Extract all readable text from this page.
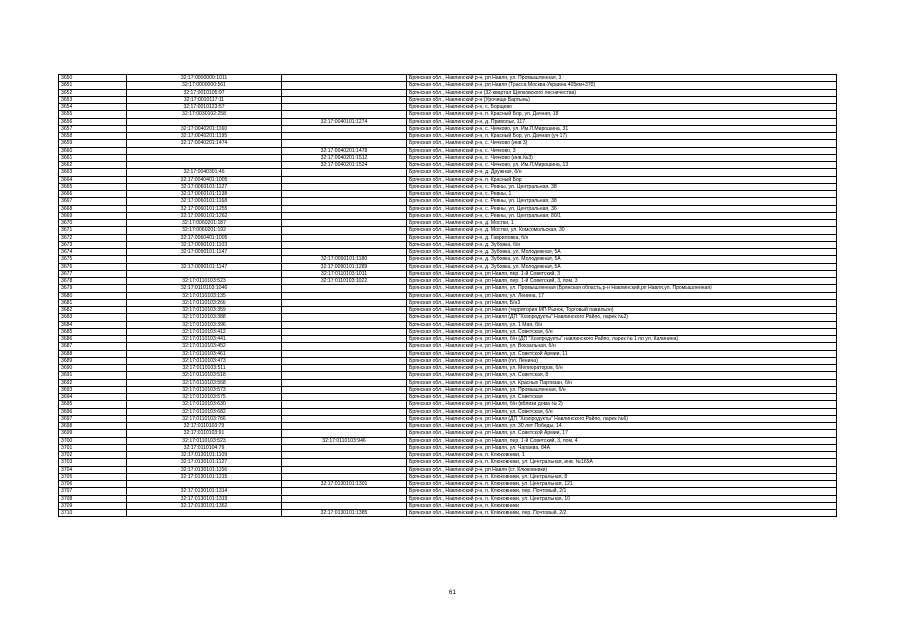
3650	32:17:0000000:1011		Брянская обл., Навлинский р-н, рп Навля, ул. Промышленная, 3
3651	32:17:0000000:561		Брянская обл., Навлинский р-н, рп Навля (Трасса Москва-Украина 405км+370)
3652	32:17:0010105:97		Брянская обл., Навлинский р-н (32-квартал Щепковского лесничества)
3653	32:17:0010117:11		Брянская обл., Навлинский р-н (Урочище Бартынь)
3654	32:17:0010123:57		Брянская обл., Навлинский р-н, с. Борщево
3655	32:17:0030102:258		Брянская обл., Навлинский р-н, п. Красный Бор, ул. Дачная, 18
3656		32:17:0040101:1274	Брянская обл., Навлинский р-н, д. Приволье, 117
3657	32:17:0040201:1160		Брянская обл., Навлинский р-н, с. Чичково, ул. Им.Л.Мирошина, 31
3658	32:17:0040201:1195		Брянская обл., Навлинский р-н, п. Красный Бор, ул. Дачная (уч 17)
3659	32:17:0040201:1474		Брянская обл., Навлинский р-н, с. Чичково (инв 3)
3660		32:17:0040201:1478	Брянская обл., Навлинский р-н, с. Чичково, 3
3661		32:17:0040201:1512	Брянская обл., Навлинский р-н, с. Чичково (инв.№3)
3662		32:17:0040201:1524	Брянская обл., Навлинский р-н, с. Чичково, ул. Им.Л.Мирошина, 13
3663	32:17:0040301:46		Брянская обл., Навлинский р-н, д. Дружная, б/н
3664	32:17:0040401:1005		Брянская обл., Навлинский р-н, п. Красный Бор
3665	32:17:0060101:1127		Брянская обл., Навлинский р-н, с. Ревны, ул. Центральная, 38
3666	32:17:0060101:1138		Брянская обл., Навлинский р-н, с. Ревны, 1
3667	32:17:0060101:1168		Брянская обл., Навлинский р-н, с. Ревны, ул. Центральная, 38
3668	32:17:0060101:1255		Брянская обл., Навлинский р-н, с. Ревны, ул. Центральная, 36
3669	32:17:0060101:1262		Брянская обл., Навлинский р-н, с. Ревны, ул. Центральная, 80/1
3670	32:17:0060201:187		Брянская обл., Навлинский р-н, д. Мостки, 1
3671	32:17:0060201:192		Брянская обл., Навлинский р-н, д. Мостки, ул. Комсомольская, 30
3672	32:17:0060401:1005		Брянская обл., Навлинский р-н, д. Гавриловка, б/н
3673	32:17:0090101:1103		Брянская обл., Навлинский р-н, д. Зубовка, б/н
3674	32:17:0090101:1147		Брянская обл., Навлинский р-н, д. Зубовка, ул. Молодежная, 5А
3675		32:17:0090101:1180	Брянская обл., Навлинский р-н, д. Зубовка, ул. Молодежная, 5А
3676	32:17:0090101:1147	32:17:0090101:1289	Брянская обл., Навлинский р-н, д. Зубовка, ул. Молодежная, 5А
3677		32:17:0110103:1011	Брянская обл., Навлинский р-н, рп Навля, пер. 1-й Советский, 3
3678	32:17:0110103:523	32:17:0110103:1022	Брянская обл., Навлинский р-н, рп Навля, пер. 1-й Советский, 3, пом. 3
3679	32:17:0110103:1046		Брянская обл., Навлинский р-н, рп Навля, ул. Промышленная (Брянская область,р-н Навлинский,рп Навля,ул. Промышленная)
3680	32:17:0110103:135		Брянская обл., Навлинский р-н, рп Навля, ул. Ленина, 17
3681	32:17:0110103:266		Брянская обл., Навлинский р-н, рп Навля, Б/н3
3682	32:17:0110103:359		Брянская обл., Навлинский р-н, рп Навля (территория МП Рынок, Торговый павильон)
3683	32:17:0110103:388		Брянская обл., Навлинский р-н, рп Навля (ДП "Хозпродукты" Навлинского Райпо, ларек №2)
3684	32:17:0110103:396		Брянская обл., Навлинский р-н, рп Навля, ул. 1 Мая, б/н
3685	32:17:0110103:412		Брянская обл., Навлинский р-н, рп Навля, ул. Советская, б/н
3686	32:17:0110103:441		Брянская обл., Навлинский р-н, рп Навля, б/н (ДП "Хозпродукты" навлинского Райпо, ларек № 1 по ул. Калинина)
3687	32:17:0110103:452		Брянская обл., Навлинский р-н, рп Навля, ул. Вокзальная, б/н
3688	32:17:0110103:461		Брянская обл., Навлинский р-н, рп Навля, ул. Советской Армии, 11
3689	32:17:0110103:473		Брянская обл., Навлинский р-н, рп Навля (пл. Ленина)
3690	32:17:0110103:511		Брянская обл., Навлинский р-н, рп Навля, ул. Мелиораторов, б/н
3691	32:17:0110103:518		Брянская обл., Навлинский р-н, рп Навля, ул. Советская, 8
3692	32:17:0110103:568		Брянская обл., Навлинский р-н, рп Навля, ул. Красных Партизан, б/н
3693	32:17:0110103:573		Брянская обл., Навлинский р-н, рп Навля, ул. Промышленная, б/н
3694	32:17:0110103:575		Брянская обл., Навлинский р-н, рп Навля, ул. Советская
3695	32:17:0110103:630		Брянская обл., Навлинский р-н, рп Навля, б/н (вблизи дома № 2)
3696	32:17:0110103:682		Брянская обл., Навлинский р-н, рп Навля, ул. Советская, б/н
3697	32:17:0110103:766		Брянская обл., Навлинский р-н, рп Навля (ДП "Хозпродукты" Навлинского Райпо, ларек №6)
3698	32:17:0110103:79		Брянская обл., Навлинский р-н, рп Навля, ул. 30 лет Победы, 14
3699	32:17:0110103:91		Брянская обл., Навлинский р-н, рп Навля, ул. Советской Армии, 17
3700	32:17:0110103:523	32:17:0110103:946	Брянская обл., Навлинский р-н, рп Навля, пер. 1-й Советский, 3, пом. 4
3701	32:17:0110104:79		Брянская обл., Навлинский р-н, рп Навля, ул. Чапаева, 84А
3702	32:17:0130101:1109		Брянская обл., Навлинский р-н, п. Клюковники, 1
3703	32:17:0130101:1127		Брянская обл., Навлинский р-н, п. Клюковники, ул. Центральная, инв. №169А
3704	32:17:0130101:1156		Брянская обл., Навлинский р-н, рп Навля (ст. Клюковники)
3705	32:17:0130101:1215		Брянская обл., Навлинский р-н, п. Клюковники, ул. Центральная, 8
3706		32:17:0130101:1301	Брянская обл., Навлинский р-н, п. Клюковники, ул. Центральная, 121
3707	32:17:0130101:1314		Брянская обл., Навлинский р-н, п. Клюковники, пер. Почтовый, 2/1
3708	32:17:0130101:1319		Брянская обл., Навлинский р-н, п. Клюковники, ул. Центральная, 10
3709	32:17:0130101:1362		Брянская обл., Навлинский р-н, п. Клюковники
3710		32:17:0130101:1385	Брянская обл., Навлинский р-н, п. Клюковники, пер. Почтовый, 2/2
61
